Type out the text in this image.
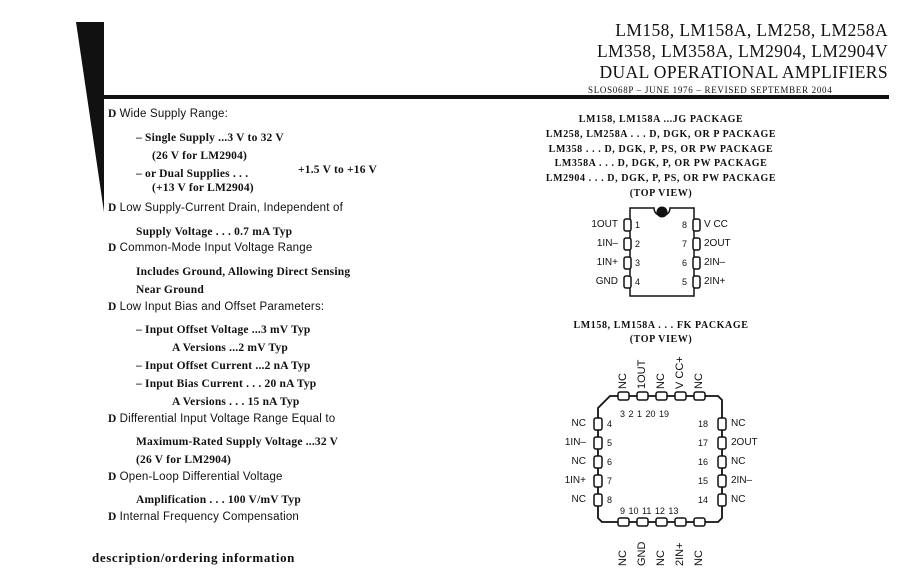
LM158, LM158A, LM258, LM258A
LM358, LM358A, LM2904, LM2904V
DUAL OPERATIONAL AMPLIFIERS
SLOS068P – JUNE 1976 – REVISED SEPTEMBER 2004
D Wide Supply Range:
– Single Supply ...3 V to 32 V
(26 V for LM2904)
– or Dual Supplies . . .	+1.5 V to +16 V
(+13 V for LM2904)
D Low Supply-Current Drain, Independent of
Supply Voltage . . . 0.7 mA Typ
D Common-Mode Input Voltage Range
Includes Ground, Allowing Direct Sensing
Near Ground
D Low Input Bias and Offset Parameters:
– Input Offset Voltage ...3 mV Typ
A Versions ...2 mV Typ
– Input Offset Current ...2 nA Typ
– Input Bias Current . . . 20 nA Typ
A Versions . . . 15 nA Typ
D Differential Input Voltage Range Equal to
Maximum-Rated Supply Voltage ...32 V
(26 V for LM2904)
D Open-Loop Differential Voltage
Amplification . . . 100 V/mV Typ
D Internal Frequency Compensation
description/ordering information
LM158, LM158A ...JG PACKAGE
LM258, LM258A . . . D, DGK, OR P PACKAGE
LM358 . . . D, DGK, P, PS, OR PW PACKAGE
LM358A . . . D, DGK, P, OR PW PACKAGE
LM2904 . . . D, DGK, P, PS, OR PW PACKAGE
(TOP VIEW)
1OUT
1IN–
1IN+
GND
1
2
3
4
8
7
6
5
V CC
2OUT
2IN–
2IN+
LM158, LM158A . . . FK PACKAGE
(TOP VIEW)
NC 1OUT NC V CC+ NC
3 2 1 20 19
NC
1IN–
NC
1IN+
NC
4
5
6
7
8
18
17
16
15
14
NC
2OUT
NC
2IN–
NC
9 10 11 12 13
NC GND NC 2IN+ NC
